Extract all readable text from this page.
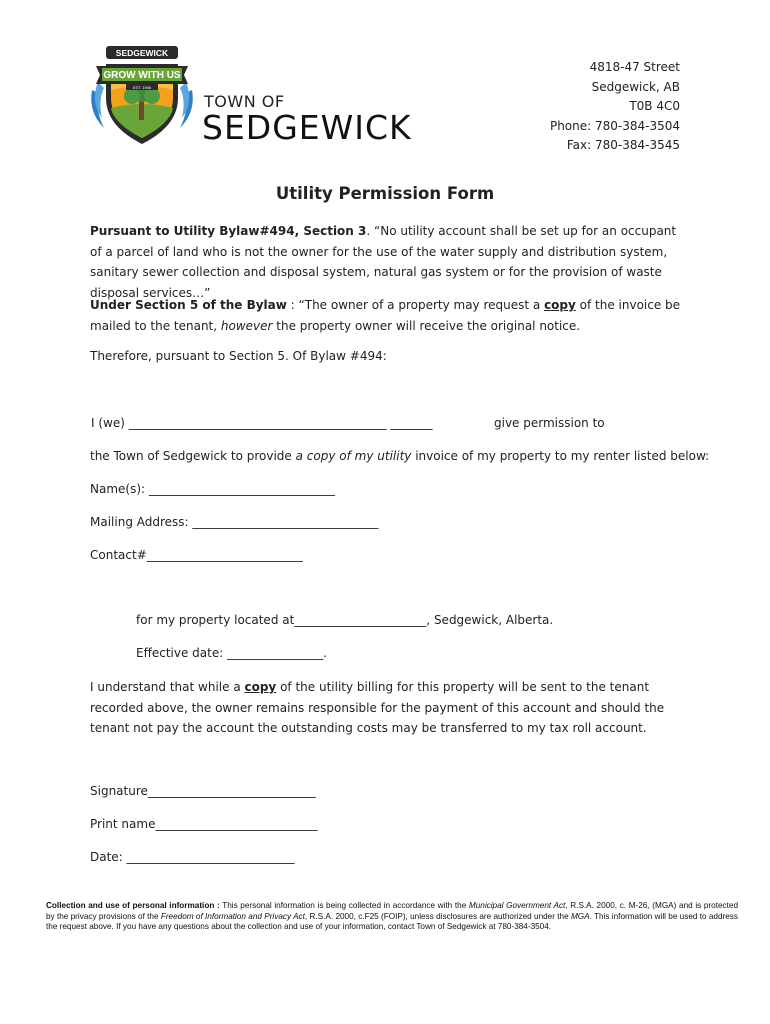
SEDGEWICK
GROW WITH US
EST. 1906
TOWN OF
SEDGEWICK
4818-47 Street
Sedgewick, AB
T0B 4C0
Phone: 780-384-3504
Fax: 780-384-3545
Utility Permission Form
Pursuant to Utility Bylaw#494, Section 3. “No utility account shall be set up for an occupant of a parcel of land who is not the owner for the use of the water supply and distribution system, sanitary sewer collection and disposal system, natural gas system or for the provision of waste disposal services…”
Under Section 5 of the Bylaw : “The owner of a property may request a copy of the invoice be mailed to the tenant, however the property owner will receive the original notice.
Therefore, pursuant to Section 5. Of Bylaw #494:
I (we) ___________________________________________ _______	give permission to
the Town of Sedgewick to provide a copy of my utility invoice of my property to my renter listed below:
Name(s): _______________________________
Mailing Address: _______________________________
Contact#__________________________
for my property located at______________________, Sedgewick, Alberta.
Effective date: ________________.
I understand that while a copy of the utility billing for this property will be sent to the tenant recorded above, the owner remains responsible for the payment of this account and should the tenant not pay the account the outstanding costs may be transferred to my tax roll account.
Signature____________________________
Print name___________________________
Date: ____________________________
Collection and use of personal information : This personal information is being collected in accordance with the Municipal Government Act, R.S.A. 2000, c. M-26, (MGA) and is protected by the privacy provisions of the Freedom of Information and Privacy Act, R.S.A. 2000, c.F25 (FOIP), unless disclosures are authorized under the MGA. This information will be used to address the request above. If you have any questions about the collection and use of your information, contact Town of Sedgewick at 780-384-3504.
